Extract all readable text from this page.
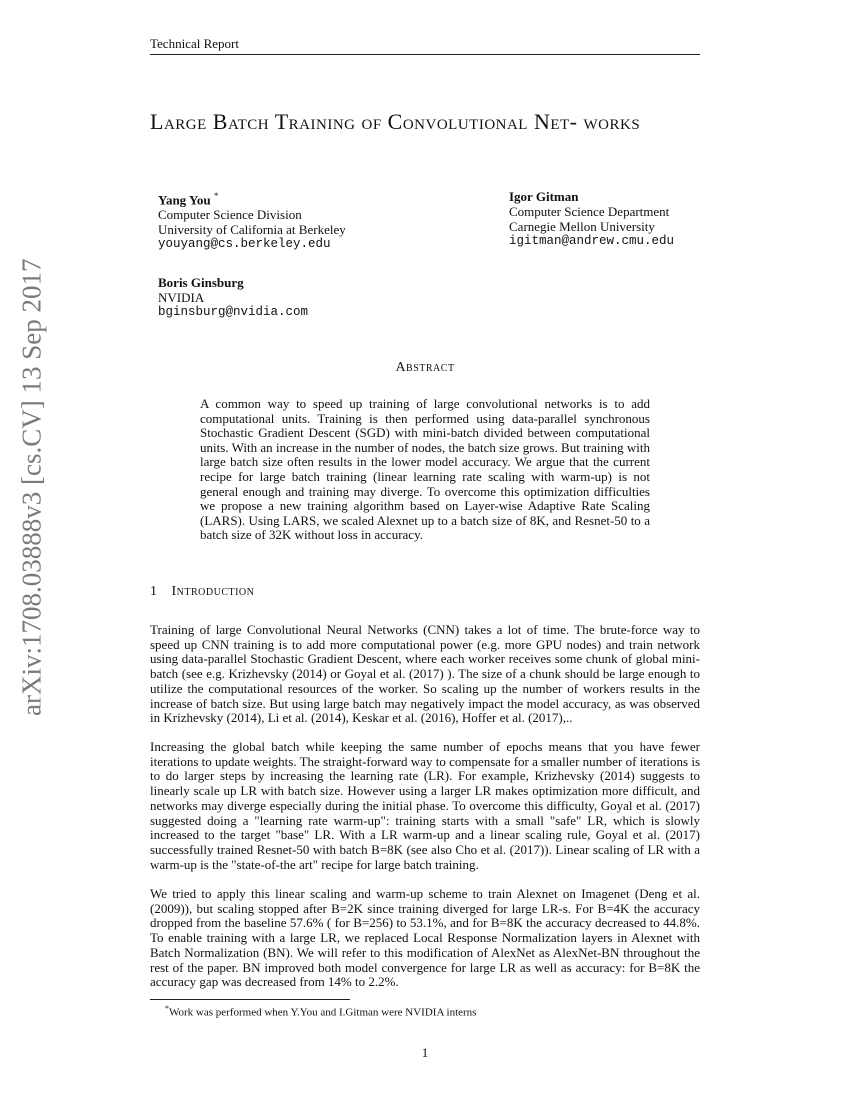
Technical Report
arXiv:1708.03888v3 [cs.CV] 13 Sep 2017
Large Batch Training of Convolutional Net- works
Yang You *
Computer Science Division
University of California at Berkeley
youyang@cs.berkeley.edu
Igor Gitman
Computer Science Department
Carnegie Mellon University
igitman@andrew.cmu.edu
Boris Ginsburg
NVIDIA
bginsburg@nvidia.com
Abstract
A common way to speed up training of large convolutional networks is to add computational units. Training is then performed using data-parallel synchronous Stochastic Gradient Descent (SGD) with mini-batch divided between computational units. With an increase in the number of nodes, the batch size grows. But training with large batch size often results in the lower model accuracy. We argue that the current recipe for large batch training (linear learning rate scaling with warm-up) is not general enough and training may diverge. To overcome this optimization difficulties we propose a new training algorithm based on Layer-wise Adaptive Rate Scaling (LARS). Using LARS, we scaled Alexnet up to a batch size of 8K, and Resnet-50 to a batch size of 32K without loss in accuracy.
1 Introduction
Training of large Convolutional Neural Networks (CNN) takes a lot of time. The brute-force way to speed up CNN training is to add more computational power (e.g. more GPU nodes) and train network using data-parallel Stochastic Gradient Descent, where each worker receives some chunk of global mini-batch (see e.g. Krizhevsky (2014) or Goyal et al. (2017) ). The size of a chunk should be large enough to utilize the computational resources of the worker. So scaling up the number of workers results in the increase of batch size. But using large batch may negatively impact the model accuracy, as was observed in Krizhevsky (2014), Li et al. (2014), Keskar et al. (2016), Hoffer et al. (2017),..
Increasing the global batch while keeping the same number of epochs means that you have fewer iterations to update weights. The straight-forward way to compensate for a smaller number of iterations is to do larger steps by increasing the learning rate (LR). For example, Krizhevsky (2014) suggests to linearly scale up LR with batch size. However using a larger LR makes optimization more difficult, and networks may diverge especially during the initial phase. To overcome this difficulty, Goyal et al. (2017) suggested doing a "learning rate warm-up": training starts with a small "safe" LR, which is slowly increased to the target "base" LR. With a LR warm-up and a linear scaling rule, Goyal et al. (2017) successfully trained Resnet-50 with batch B=8K (see also Cho et al. (2017)). Linear scaling of LR with a warm-up is the "state-of-the art" recipe for large batch training.
We tried to apply this linear scaling and warm-up scheme to train Alexnet on Imagenet (Deng et al. (2009)), but scaling stopped after B=2K since training diverged for large LR-s. For B=4K the accuracy dropped from the baseline 57.6% ( for B=256) to 53.1%, and for B=8K the accuracy decreased to 44.8%. To enable training with a large LR, we replaced Local Response Normalization layers in Alexnet with Batch Normalization (BN). We will refer to this modification of AlexNet as AlexNet-BN throughout the rest of the paper. BN improved both model convergence for large LR as well as accuracy: for B=8K the accuracy gap was decreased from 14% to 2.2%.
*Work was performed when Y.You and I.Gitman were NVIDIA interns
1
